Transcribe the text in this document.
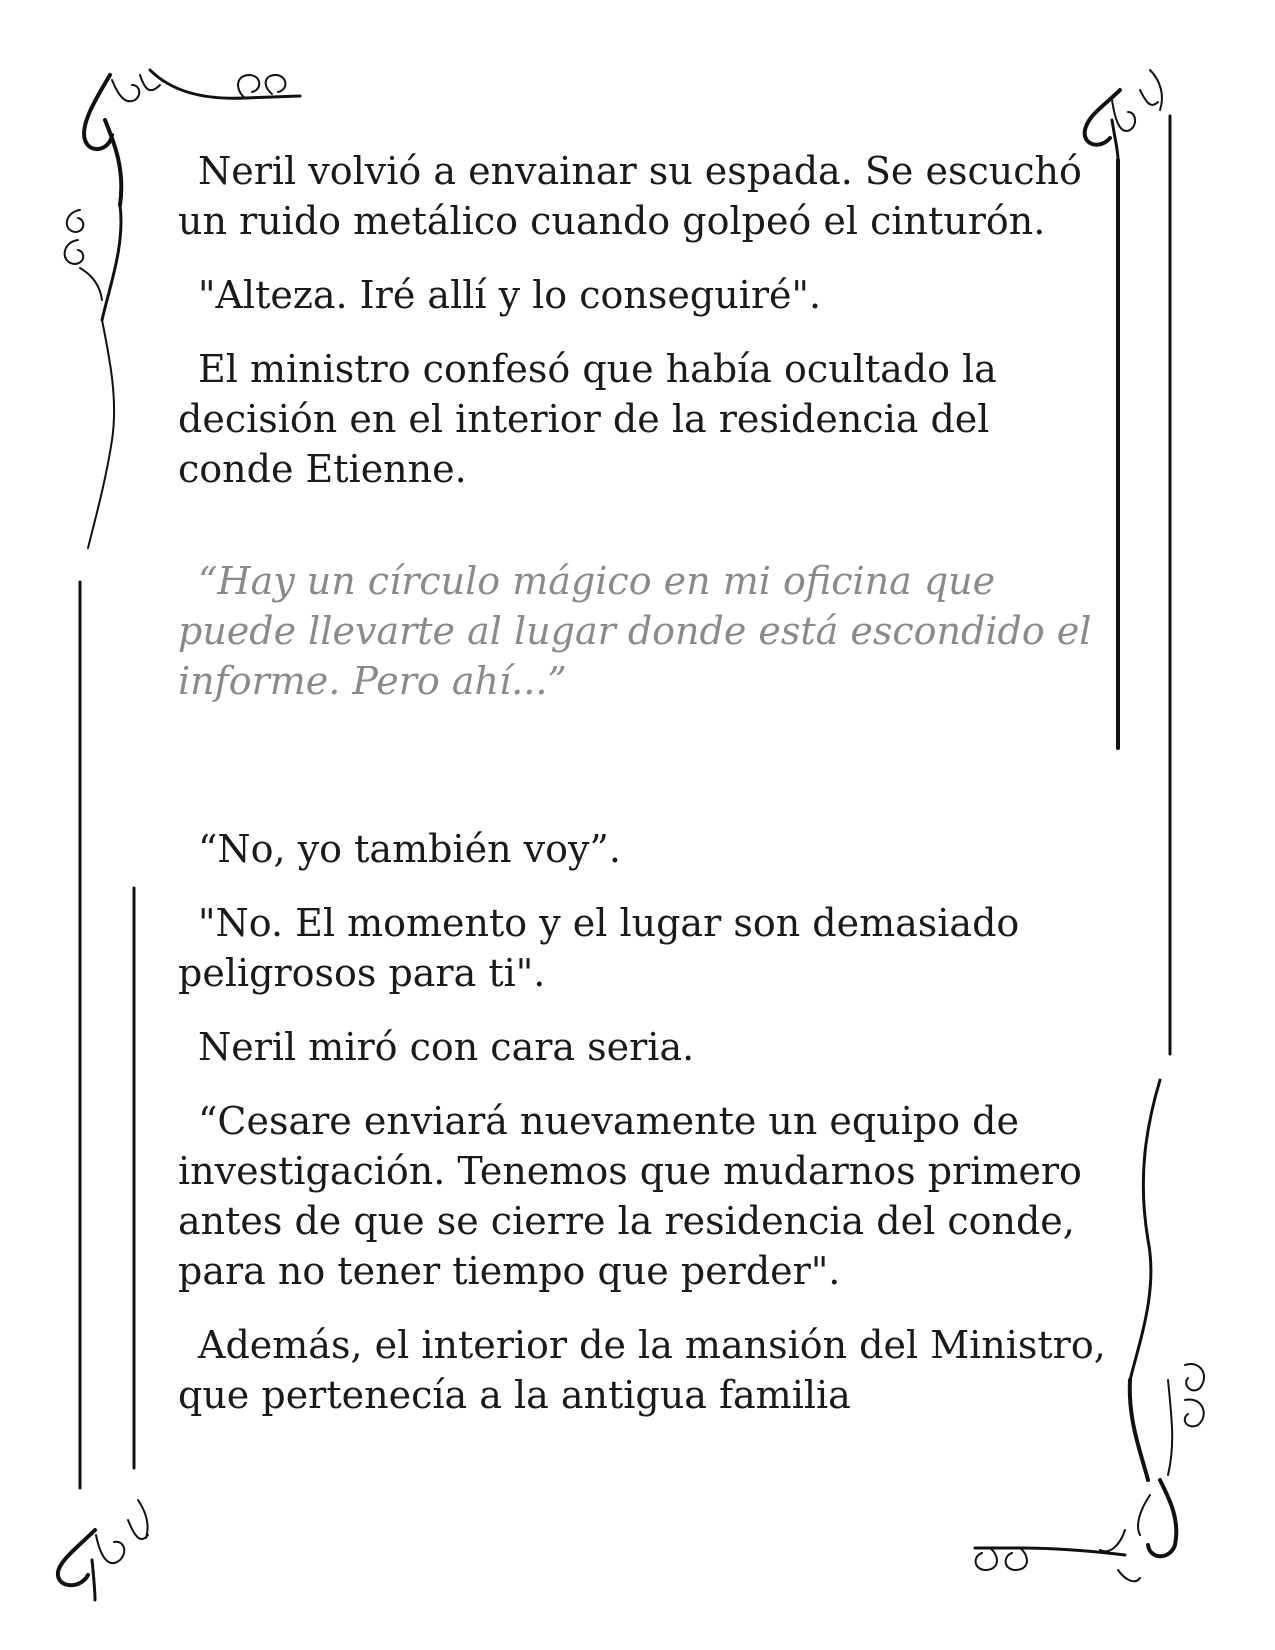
Neril volvió a envainar su espada. Se escuchó un ruido metálico cuando golpeó el cinturón.

"Alteza. Iré allí y lo conseguiré".

El ministro confesó que había ocultado la decisión en el interior de la residencia del conde Etienne.

“Hay un círculo mágico en mi oficina que puede llevarte al lugar donde está escondido el informe. Pero ahí...”

“No, yo también voy”.

"No. El momento y el lugar son demasiado peligrosos para ti".

Neril miró con cara seria.

“Cesare enviará nuevamente un equipo de investigación. Tenemos que mudarnos primero antes de que se cierre la residencia del conde, para no tener tiempo que perder".

Además, el interior de la mansión del Ministro, que pertenecía a la antigua familia
